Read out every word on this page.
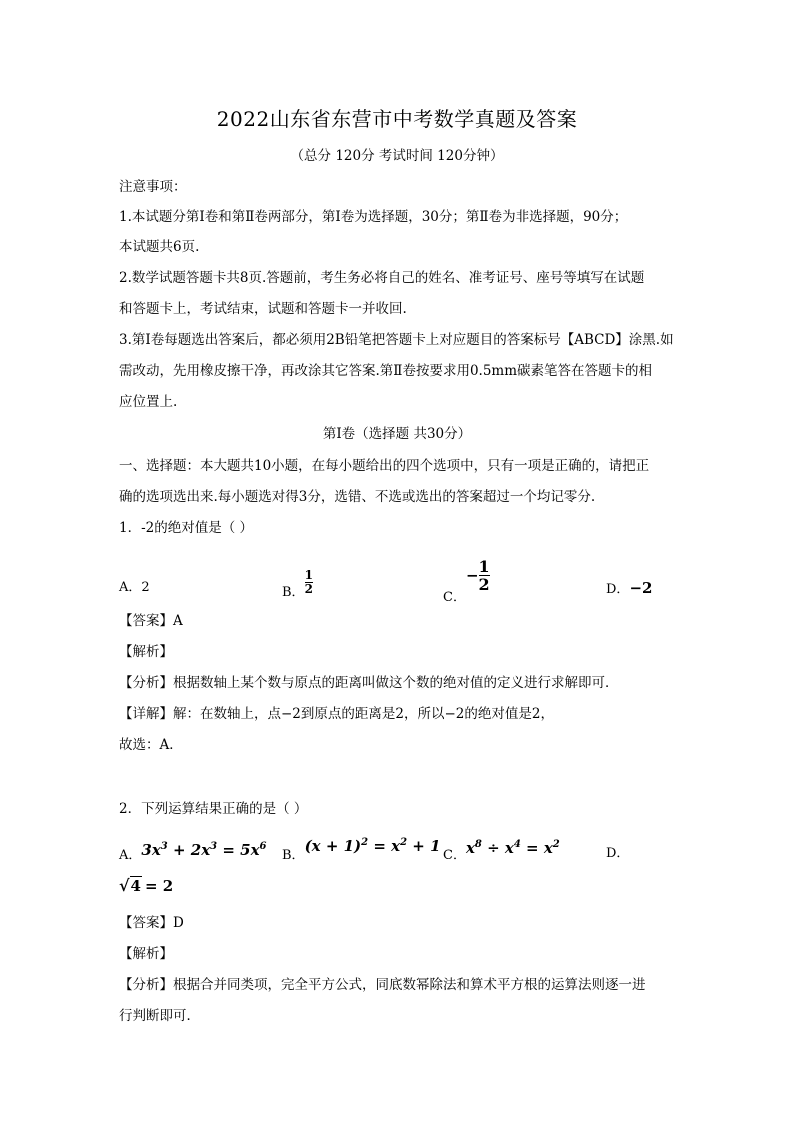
2022山东省东营市中考数学真题及答案
（总分 120分 考试时间 120分钟）
注意事项：
1.本试题分第Ⅰ卷和第Ⅱ卷两部分，第Ⅰ卷为选择题，30分；第Ⅱ卷为非选择题，90分；
本试题共6页.
2.数学试题答题卡共8页.答题前，考生务必将自己的姓名、准考证号、座号等填写在试题
和答题卡上，考试结束，试题和答题卡一并收回.
3.第Ⅰ卷每题选出答案后，都必须用2B铅笔把答题卡上对应题目的答案标号【ABCD】涂黑.如
需改动，先用橡皮擦干净，再改涂其它答案.第Ⅱ卷按要求用0.5mm碳素笔答在答题卡的相
应位置上.
第Ⅰ卷（选择题 共30分）
一、选择题：本大题共10小题，在每小题给出的四个选项中，只有一项是正确的，请把正
确的选项选出来.每小题选对得3分，选错、不选或选出的答案超过一个均记零分.
1．-2的绝对值是（ ）
A．2	B． $\frac{1}{2}$
C．− $\frac{1}{2}$	D．−2
【答案】A
【解析】
【分析】根据数轴上某个数与原点的距离叫做这个数的绝对值的定义进行求解即可．
【详解】解：在数轴上，点−2到原点的距离是2，所以−2的绝对值是2，
故选：A．
2．下列运算结果正确的是（ ）
A．$3x^3 + 2x^3 = 5x^6$
B．$(x + 1)^2 = x^2 + 1$
C．$x^8 \div x^4 = x^2$
D．
√4 = 2
【答案】D
【解析】
【分析】根据合并同类项，完全平方公式，同底数幂除法和算术平方根的运算法则逐一进
行判断即可．
